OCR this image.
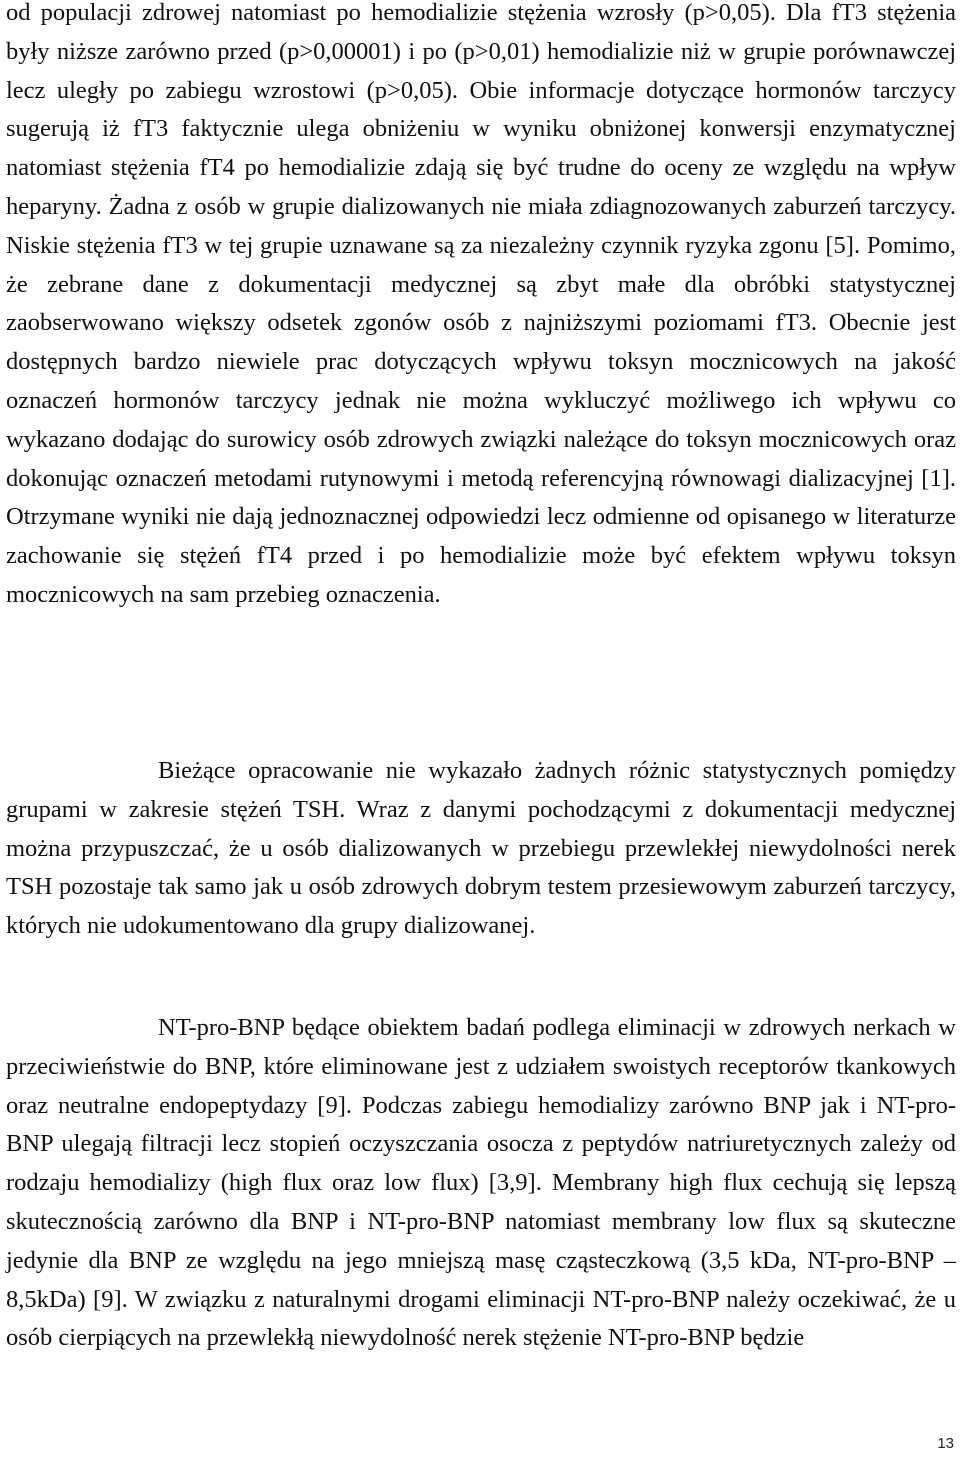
od populacji zdrowej natomiast po hemodializie stężenia wzrosły (p>0,05). Dla fT3 stężenia były niższe zarówno przed (p>0,00001) i po (p>0,01) hemodializie niż w grupie porównawczej lecz uległy po zabiegu wzrostowi (p>0,05). Obie informacje dotyczące hormonów tarczycy sugerują iż fT3 faktycznie ulega obniżeniu w wyniku obniżonej konwersji enzymatycznej natomiast stężenia fT4 po hemodializie zdają się być trudne do oceny ze względu na wpływ heparyny. Żadna z osób w grupie dializowanych nie miała zdiagnozowanych zaburzeń tarczycy. Niskie stężenia fT3 w tej grupie uznawane są za niezależny czynnik ryzyka zgonu [5]. Pomimo, że zebrane dane z dokumentacji medycznej są zbyt małe dla obróbki statystycznej zaobserwowano większy odsetek zgonów osób z najniższymi poziomami fT3. Obecnie jest dostępnych bardzo niewiele prac dotyczących wpływu toksyn mocznicowych na jakość oznaczeń hormonów tarczycy jednak nie można wykluczyć możliwego ich wpływu co wykazano dodając do surowicy osób zdrowych związki należące do toksyn mocznicowych oraz dokonując oznaczeń metodami rutynowymi i metodą referencyjną równowagi dializacyjnej [1]. Otrzymane wyniki nie dają jednoznacznej odpowiedzi lecz odmienne od opisanego w literaturze zachowanie się stężeń fT4 przed i po hemodializie może być efektem wpływu toksyn mocznicowych na sam przebieg oznaczenia.
Bieżące opracowanie nie wykazało żadnych różnic statystycznych pomiędzy grupami w zakresie stężeń TSH. Wraz z danymi pochodzącymi z dokumentacji medycznej można przypuszczać, że u osób dializowanych w przebiegu przewlekłej niewydolności nerek TSH pozostaje tak samo jak u osób zdrowych dobrym testem przesiewowym zaburzeń tarczycy, których nie udokumentowano dla grupy dializowanej.
NT-pro-BNP będące obiektem badań podlega eliminacji w zdrowych nerkach w przeciwieństwie do BNP, które eliminowane jest z udziałem swoistych receptorów tkankowych oraz neutralne endopeptydazy [9]. Podczas zabiegu hemodializy zarówno BNP jak i NT-pro-BNP ulegają filtracji lecz stopień oczyszczania osocza z peptydów natriuretycznych zależy od rodzaju hemodializy (high flux oraz low flux) [3,9]. Membrany high flux cechują się lepszą skutecznością zarówno dla BNP i NT-pro-BNP natomiast membrany low flux są skuteczne jedynie dla BNP ze względu na jego mniejszą masę cząsteczkową (3,5 kDa, NT-pro-BNP – 8,5kDa) [9]. W związku z naturalnymi drogami eliminacji NT-pro-BNP należy oczekiwać, że u osób cierpiących na przewlekłą niewydolność nerek stężenie NT-pro-BNP będzie
13
